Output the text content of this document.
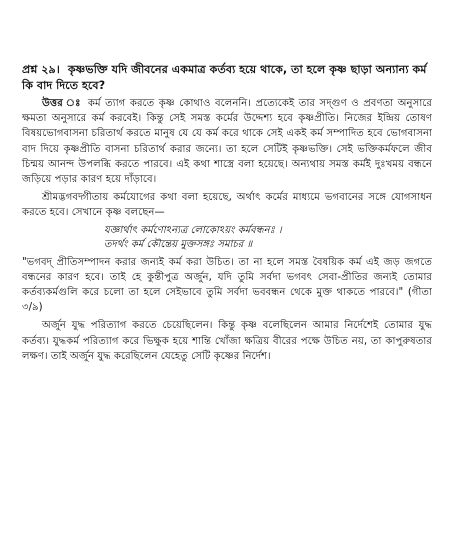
প্রশ্ন ২৯। কৃষ্ণভক্তি যদি জীবনের একমাত্র কর্তব্য হয়ে থাকে, তা হলে কৃষ্ণ ছাড়া অন্যান্য কর্ম কি বাদ দিতে হবে?

উত্তর ঃ কর্ম ত্যাগ করতে কৃষ্ণ কোথাও বলেননি। প্রত্যেকেই তার সদ্গুণ ও প্রবণতা অনুসারে ক্ষমতা অনুসারে কর্ম করবেই। কিন্তু সেই সমস্ত কর্মের উদ্দেশ্য হবে কৃষ্ণপ্রীতি। নিজের ইন্দ্রিয় তোষণ বিষয়ভোগবাসনা চরিতার্থ করতে মানুষ যে যে কর্ম করে থাকে সেই একই কর্ম সম্পাদিত হবে ভোগবাসনা বাদ দিয়ে কৃষ্ণপ্রীতি বাসনা চরিতার্থ করার জন্যে। তা হলে সেটিই কৃষ্ণভক্তি। সেই ভক্তিকর্মফলে জীব চিন্ময় আনন্দ উপলব্ধি করতে পারবে। এই কথা শাস্ত্রে বলা হয়েছে। অন্যথায় সমস্ত কর্মই দুঃখময় বন্ধনে জড়িয়ে পড়ার কারণ হয়ে দাঁড়াবে।

শ্রীমদ্ভগবদ্গীতায় কর্মযোগের কথা বলা হয়েছে, অর্থাৎ কর্মের মাধ্যমে ভগবানের সঙ্গে যোগসাধন করতে হবে। সেখানে কৃষ্ণ বলছেন—

যজ্ঞার্থাৎ কর্মণোঽন্যত্র লোকোঽয়ং কর্মবন্ধনঃ ।

তদর্থং কর্ম কৌন্তেয় মুক্তসঙ্গঃ সমাচর ॥

"ভগবদ্ প্রীতিসম্পাদন করার জন্যই কর্ম করা উচিত। তা না হলে সমস্ত বৈষয়িক কর্ম এই জড় জগতে বন্ধনের কারণ হবে। তাই হে কুন্তীপুত্র অর্জুন, যদি তুমি সর্বদা ভগবৎ সেবা-প্রীতির জন্যই তোমার কর্তব্যকর্মগুলি করে চলো তা হলে সেইভাবে তুমি সর্বদা ভববন্ধন থেকে মুক্ত থাকতে পারবে।" (গীতা ৩/৯)

অর্জুন যুদ্ধ পরিত্যাগ করতে চেয়েছিলেন। কিন্তু কৃষ্ণ বলেছিলেন আমার নির্দেশেই তোমার যুদ্ধ কর্তব্য। যুদ্ধকর্ম পরিত্যাগ করে ভিক্ষুক হয়ে শান্তি খোঁজা ক্ষত্রিয় বীরের পক্ষে উচিত নয়, তা কাপুরুষতার লক্ষণ। তাই অর্জুন যুদ্ধ করেছিলেন যেহেতু সেটি কৃষ্ণের নির্দেশ।
